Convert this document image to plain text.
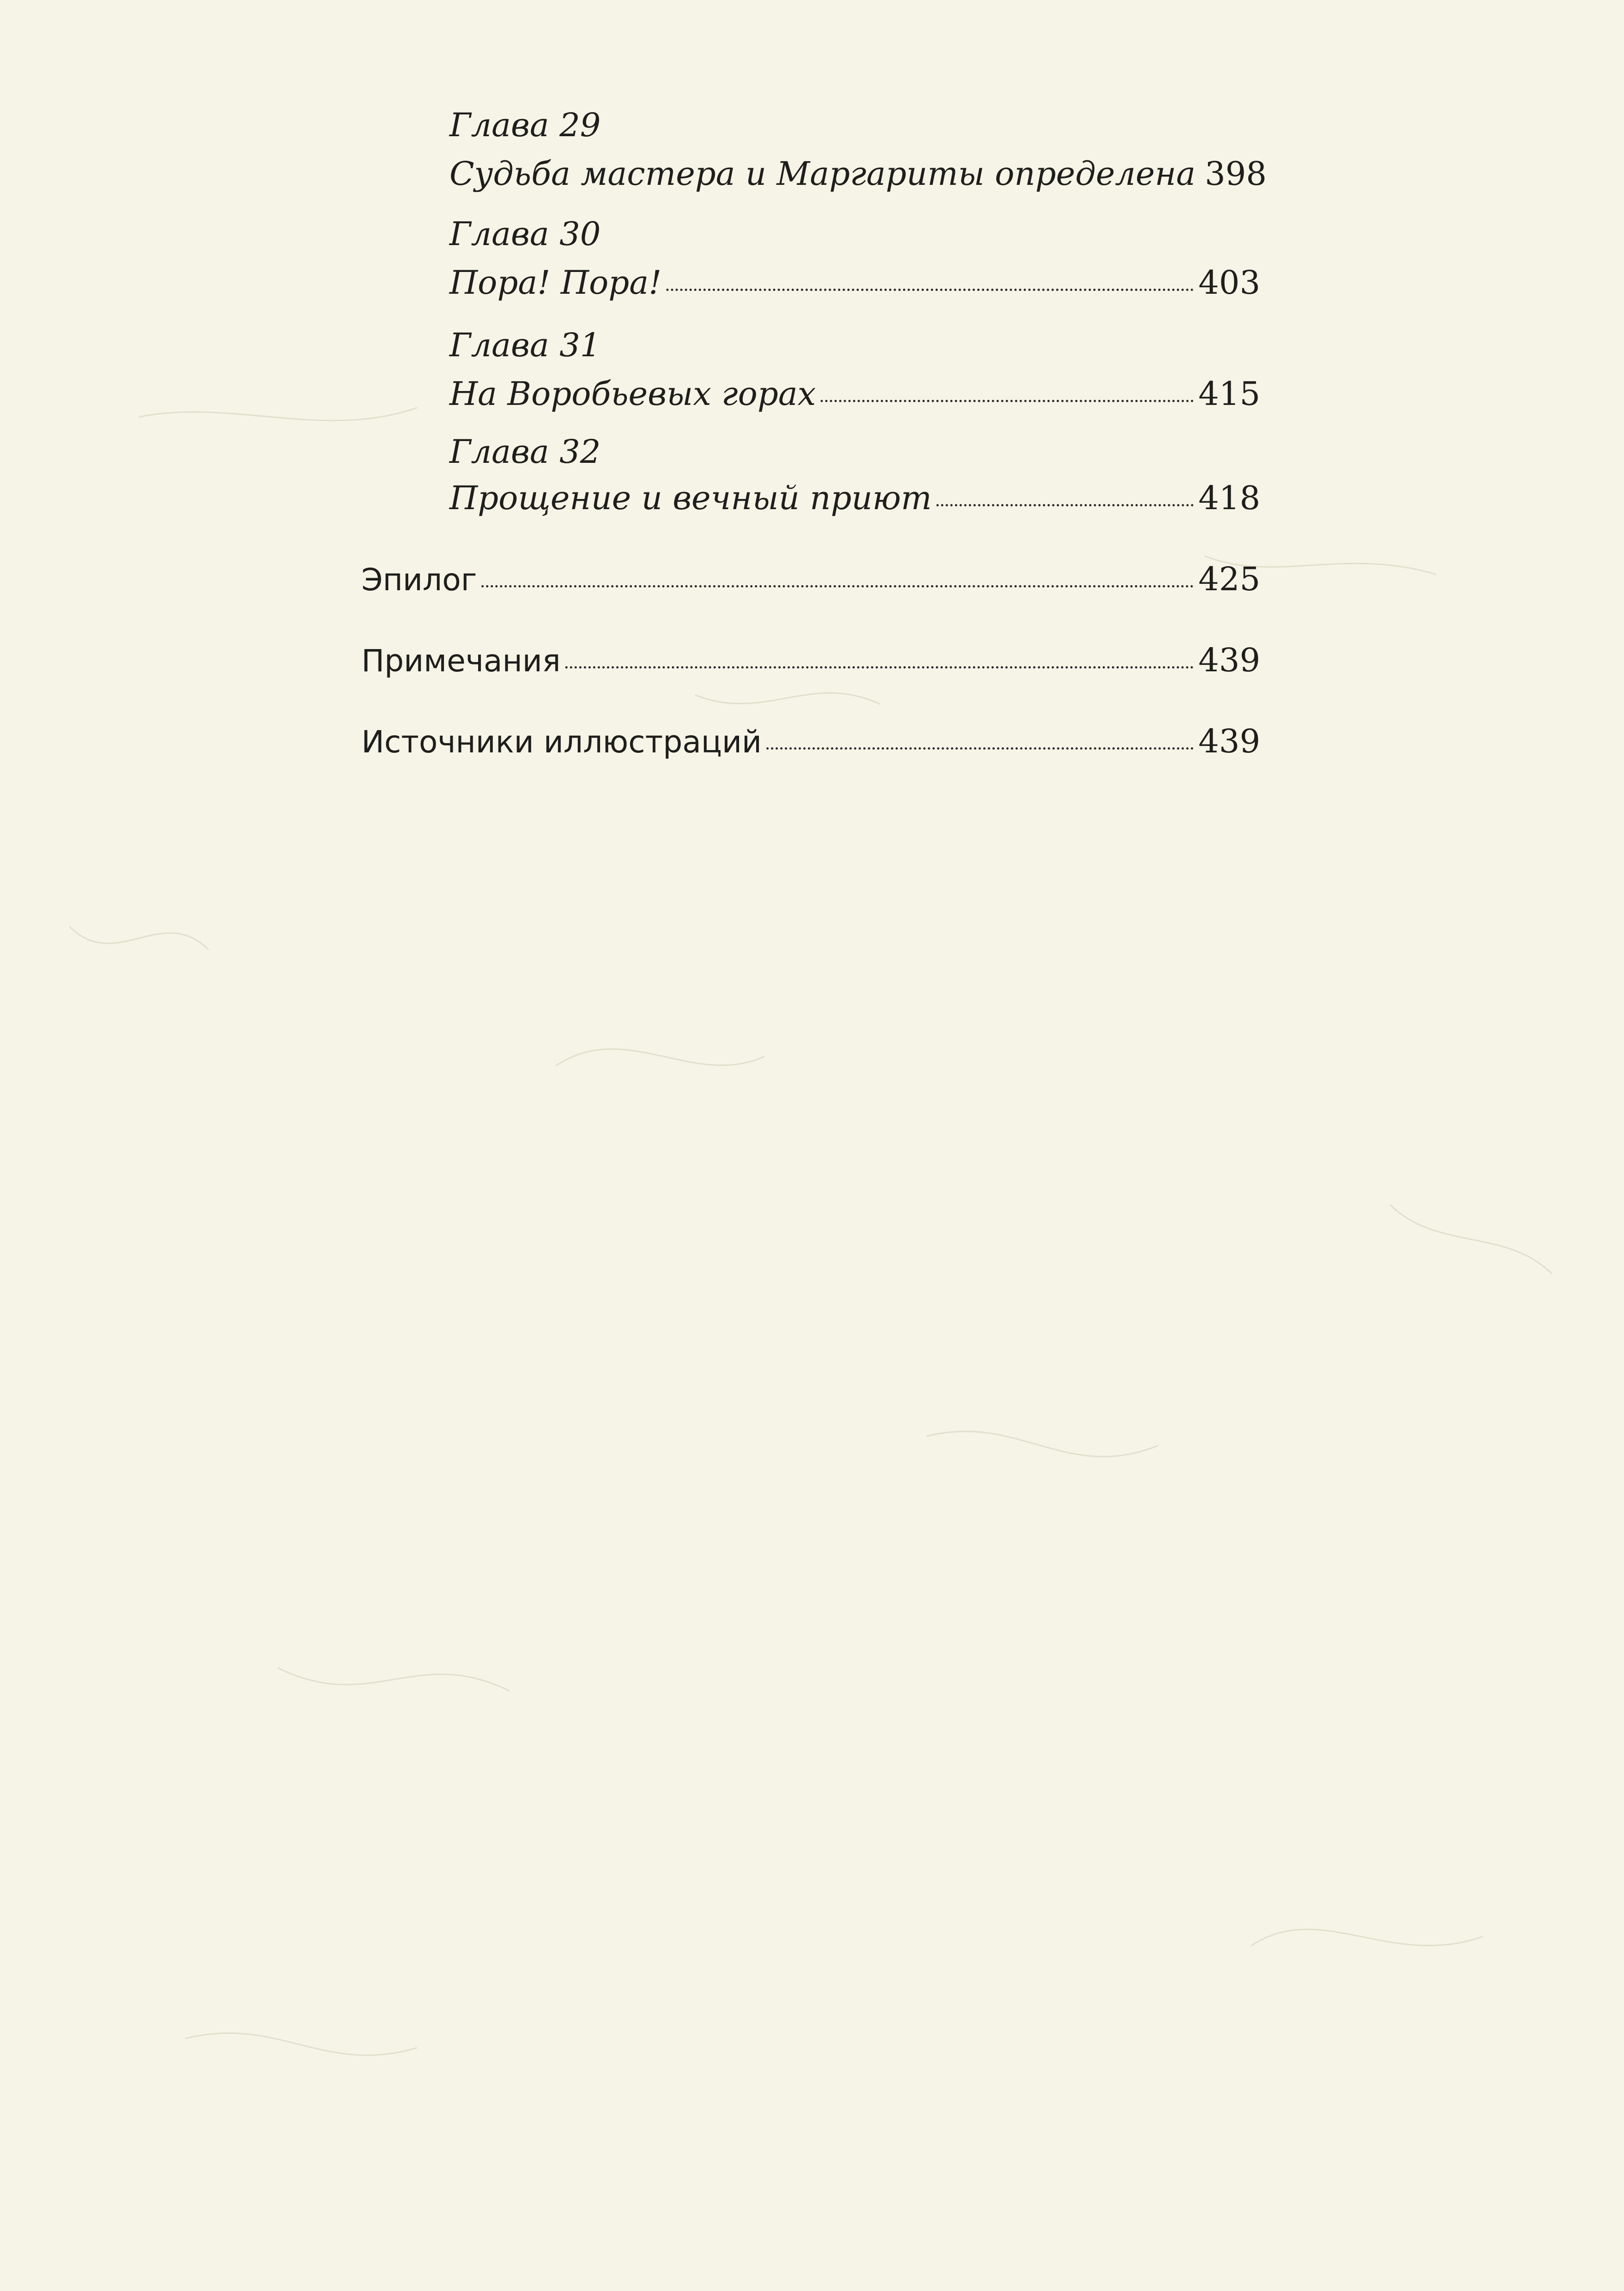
Глава 29
Судьба мастера и Маргариты определена 398
Глава 30
Пора! Пора!	403
Глава 31
На Воробьевых горах	415
Глава 32
Прощение и вечный приют	418
Эпилог	425
Примечания	439
Источники иллюстраций	439
